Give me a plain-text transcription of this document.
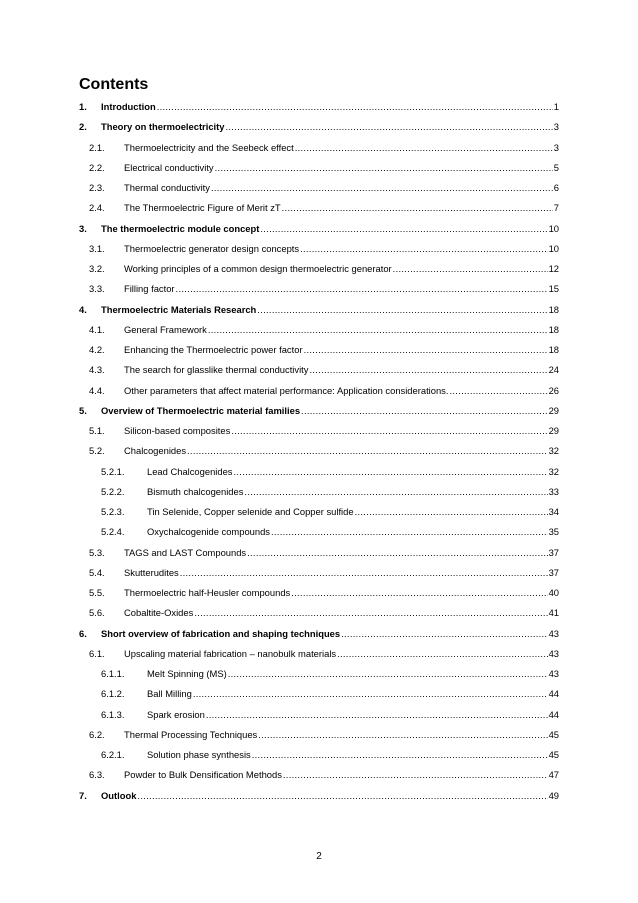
Contents
1.	Introduction .....	1
2.	Theory on thermoelectricity .....	3
2.1.	Thermoelectricity and the Seebeck effect .....	3
2.2.	Electrical conductivity .....	5
2.3.	Thermal conductivity .....	6
2.4.	The Thermoelectric Figure of Merit zT .....	7
3.	The thermoelectric module concept .....	10
3.1.	Thermoelectric generator design concepts .....	10
3.2.	Working principles of a common design thermoelectric generator .....	12
3.3.	Filling factor .....	15
4.	Thermoelectric Materials Research .....	18
4.1.	General Framework .....	18
4.2.	Enhancing the Thermoelectric power factor .....	18
4.3.	The search for glasslike thermal conductivity .....	24
4.4.	Other parameters that affect material performance: Application considerations. .....	26
5.	Overview of Thermoelectric material families .....	29
5.1.	Silicon-based composites .....	29
5.2.	Chalcogenides .....	32
5.2.1.	Lead Chalcogenides .....	32
5.2.2.	Bismuth chalcogenides .....	33
5.2.3.	Tin Selenide, Copper selenide and Copper sulfide .....	34
5.2.4.	Oxychalcogenide compounds .....	35
5.3.	TAGS and LAST Compounds .....	37
5.4.	Skutterudites .....	37
5.5.	Thermoelectric half-Heusler compounds .....	40
5.6.	Cobaltite-Oxides .....	41
6.	Short overview of fabrication and shaping techniques .....	43
6.1.	Upscaling material fabrication – nanobulk materials .....	43
6.1.1.	Melt Spinning (MS) .....	43
6.1.2.	Ball Milling .....	44
6.1.3.	Spark erosion .....	44
6.2.	Thermal Processing Techniques .....	45
6.2.1.	Solution phase synthesis .....	45
6.3.	Powder to Bulk Densification Methods .....	47
7.	Outlook .....	49
2
